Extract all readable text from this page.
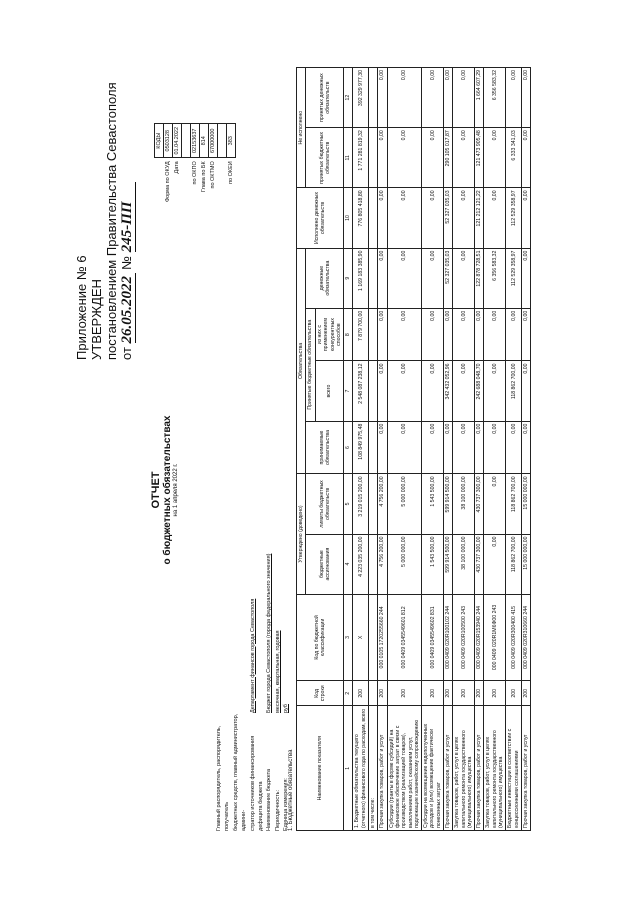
Приложение № 6 УТВЕРЖДЕН постановлением Правительства Севастополя от 26.05.2022 № 245-ПП
ОТЧЕТ о бюджетных обязательствах на 1 апреля 2022 г.
	КОДЫ
Форма по ОКУД	0503128
Дата	01.04.2022

по ОКПО	02153637
Глава по БК	814
по ОКТМО	67000000

по ОКЕИ	383
Главный распорядитель, распорядитель, получатель бюджетных средств, главный администратор, админи- стратор источников финансирования дефицита бюджета
Департамент финансов города Севастополя
Наименование бюджета
Бюджет города Севастополя (города федерального значения)
Периодичность:
месячная, квартальная, годовая
Единица измерения:
руб
1. Бюджетные обязательства	Наименование показателя	Код строки	Код по бюджетной классификации	Утверждено (доведено)		Обязательства				Исполнено денежных обязательств	Не исполнено	
			бюджетные ассигнования	лимиты бюджетных обязательств	принимаемые обязательства	Принятые бюджетные обязательства		денежные обязательства		принятых бюджетных обязательств	принятых денежных обязательств
						всего	из них с применением конкурентных способов				
1	2	3	4	5	6	7	8	9	10	11	12
1. Бюджетные обязательства текущего (отчетного) финансового года по расходам, всего	200	X	4 223 035 200,00	3 219 015 200,00	108 849 975,48	2 548 087 238,12	7 879 700,00	1 169 183 385,90	776 805 418,80	1 771 281 819,32	392 329 977,30
в том числе:											
Прочая закупка товаров, работ и услуг	200	000 0105 1720255660 244	4 756 200,00	4 756 200,00	0,00	0,00	0,00	0,00	0,00	0,00	0,00
Субсидии (гранты в форме субсидий) на финансовое обеспечение затрат в связи с производством (реализацией товаров), выполнением работ, оказанием услуг, подлежащие казначейскому сопровождению	200	000 0409 0345549601 812	5 000 000,00	5 000 000,00	0,00	0,00	0,00	0,00	0,00	0,00	0,00
Субсидии на возмещение недополученных доходов и (или) возмещение фактически понесенных затрат	200	000 0409 0345549602 831	1 543 500,00	1 543 500,00	0,00	0,00	0,00	0,00	0,00	0,00	0,00
Прочая закупка товаров, работ и услуг	200	000 0409 020R100102 244	599 914 500,00	599 914 500,00	0,00	342 432 052,96	0,00	52 327 035,03	52 327 035,03	290 105 017,87	0,00
Закупка товаров, работ, услуг в целях капитального ремонта государственного (муниципального) имущества	200	000 0409 020R100500 243	38 100 000,00	38 100 000,00	0,00	0,00	0,00	0,00	0,00	0,00	0,00
Прочая закупка товаров, работ и услуг	200	000 0409 020R153940 244	430 737 300,00	430 737 300,00	0,00	242 688 048,70	0,00	122 878 728,51	121 212 121,22	121 473 905,48	1 664 607,29
Закупка товаров, работ, услуг в целях капитального ремонта государственного (муниципального) имущества	200	000 0409 020R1М6Ф00 243	0,00	0,00	0,00	0,00	0,00	6 356 583,32	0,00	0,00	6 356 583,32
Бюджетные инвестиции в соответствии с концессионными соглашениями	200	000 0409 020R300400 415	118 862 700,00	118 862 700,00	0,00	118 862 700,00	0,00	112 529 358,97	112 529 358,97	6 333 341,03	0,00
Прочая закупка товаров, работ и услуг	200	000 0409 020R310660 244	15 000 000,00	15 000 000,00	0,00	0,00	0,00	0,00	0,00	0,00	0,00
